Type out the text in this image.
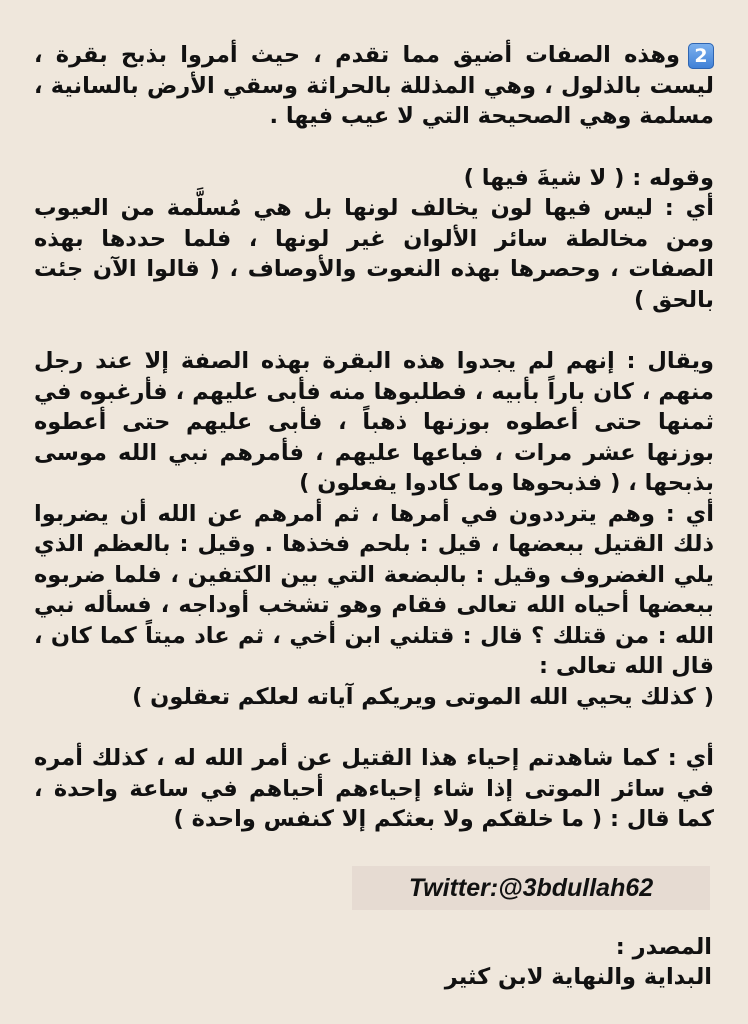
2وهذه الصفات أضيق مما تقدم ، حيث أمروا بذبح بقرة ، ليست بالذلول ، وهي المذللة بالحراثة وسقي الأرض بالسانية ، مسلمة وهي الصحيحة التي لا عيب فيها .

وقوله : ( لا شيةَ فيها )

أي : ليس فيها لون يخالف لونها بل هي مُسلَّمة من العيوب ومن مخالطة سائر الألوان غير لونها ، فلما حددها بهذه الصفات ، وحصرها بهذه النعوت والأوصاف ، ( قالوا الآن جئت بالحق )

ويقال : إنهم لم يجدوا هذه البقرة بهذه الصفة إلا عند رجل منهم ، كان باراً بأبيه ، فطلبوها منه فأبى عليهم ، فأرغبوه في ثمنها حتى أعطوه بوزنها ذهباً ، فأبى عليهم حتى أعطوه بوزنها عشر مرات ، فباعها عليهم ، فأمرهم نبي الله موسى بذبحها ، ( فذبحوها وما كادوا يفعلون )

أي : وهم يترددون في أمرها ، ثم أمرهم عن الله أن يضربوا ذلك القتيل ببعضها ، قيل : بلحم فخذها . وقيل : بالعظم الذي يلي الغضروف وقيل : بالبضعة التي بين الكتفين ، فلما ضربوه ببعضها أحياه الله تعالى فقام وهو تشخب أوداجه ، فسأله نبي الله : من قتلك ؟ قال : قتلني ابن أخي ، ثم عاد ميتاً كما كان ، قال الله تعالى :

( كذلك يحيي الله الموتى ويريكم آياته لعلكم تعقلون )

أي : كما شاهدتم إحياء هذا القتيل عن أمر الله له ، كذلك أمره في سائر الموتى إذا شاء إحياءهم أحياهم في ساعة واحدة ، كما قال : ( ما خلقكم ولا بعثكم إلا كنفس واحدة )

Twitter:@3bdullah62
المصدر :
البداية والنهاية لابن كثير
